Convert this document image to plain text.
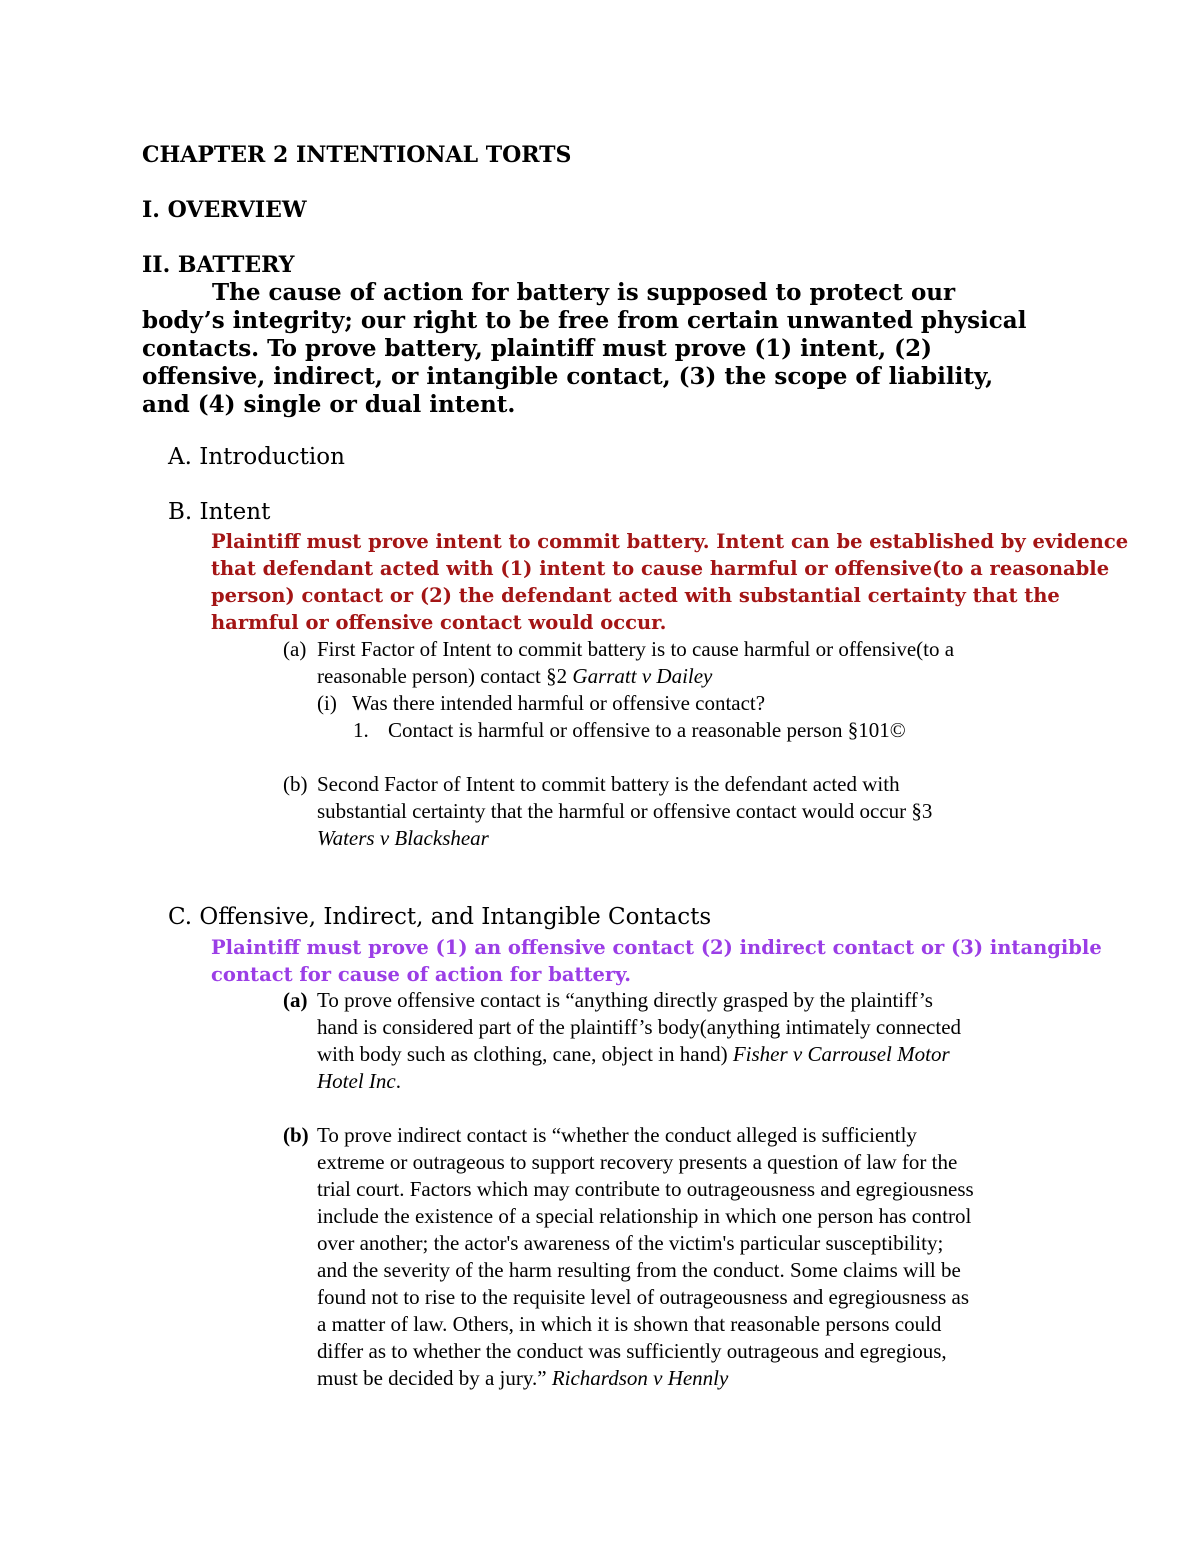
CHAPTER 2 INTENTIONAL TORTS

I. OVERVIEW

II. BATTERY

The cause of action for battery is supposed to protect our
body’s integrity; our right to be free from certain unwanted physical
contacts. To prove battery, plaintiff must prove (1) intent, (2)
offensive, indirect, or intangible contact, (3) the scope of liability,
and (4) single or dual intent.

A. Introduction

B. Intent

Plaintiff must prove intent to commit battery. Intent can be established by evidence
that defendant acted with (1) intent to cause harmful or offensive(to a reasonable
person) contact or (2) the defendant acted with substantial certainty that the
harmful or offensive contact would occur.
(a) First Factor of Intent to commit battery is to cause harmful or offensive(to a
reasonable person) contact §2 Garratt v Dailey
(i) Was there intended harmful or offensive contact?
1. Contact is harmful or offensive to a reasonable person §101©
(b) Second Factor of Intent to commit battery is the defendant acted with
substantial certainty that the harmful or offensive contact would occur §3
Waters v Blackshear

C. Offensive, Indirect, and Intangible Contacts

Plaintiff must prove (1) an offensive contact (2) indirect contact or (3) intangible
contact for cause of action for battery.
(a) To prove offensive contact is “anything directly grasped by the plaintiff’s
hand is considered part of the plaintiff’s body(anything intimately connected
with body such as clothing, cane, object in hand) Fisher v Carrousel Motor
Hotel Inc.
(b) To prove indirect contact is “whether the conduct alleged is sufficiently
extreme or outrageous to support recovery presents a question of law for the
trial court. Factors which may contribute to outrageousness and egregiousness
include the existence of a special relationship in which one person has control
over another; the actor's awareness of the victim's particular susceptibility;
and the severity of the harm resulting from the conduct. Some claims will be
found not to rise to the requisite level of outrageousness and egregiousness as
a matter of law. Others, in which it is shown that reasonable persons could
differ as to whether the conduct was sufficiently outrageous and egregious,
must be decided by a jury.” Richardson v Hennly
